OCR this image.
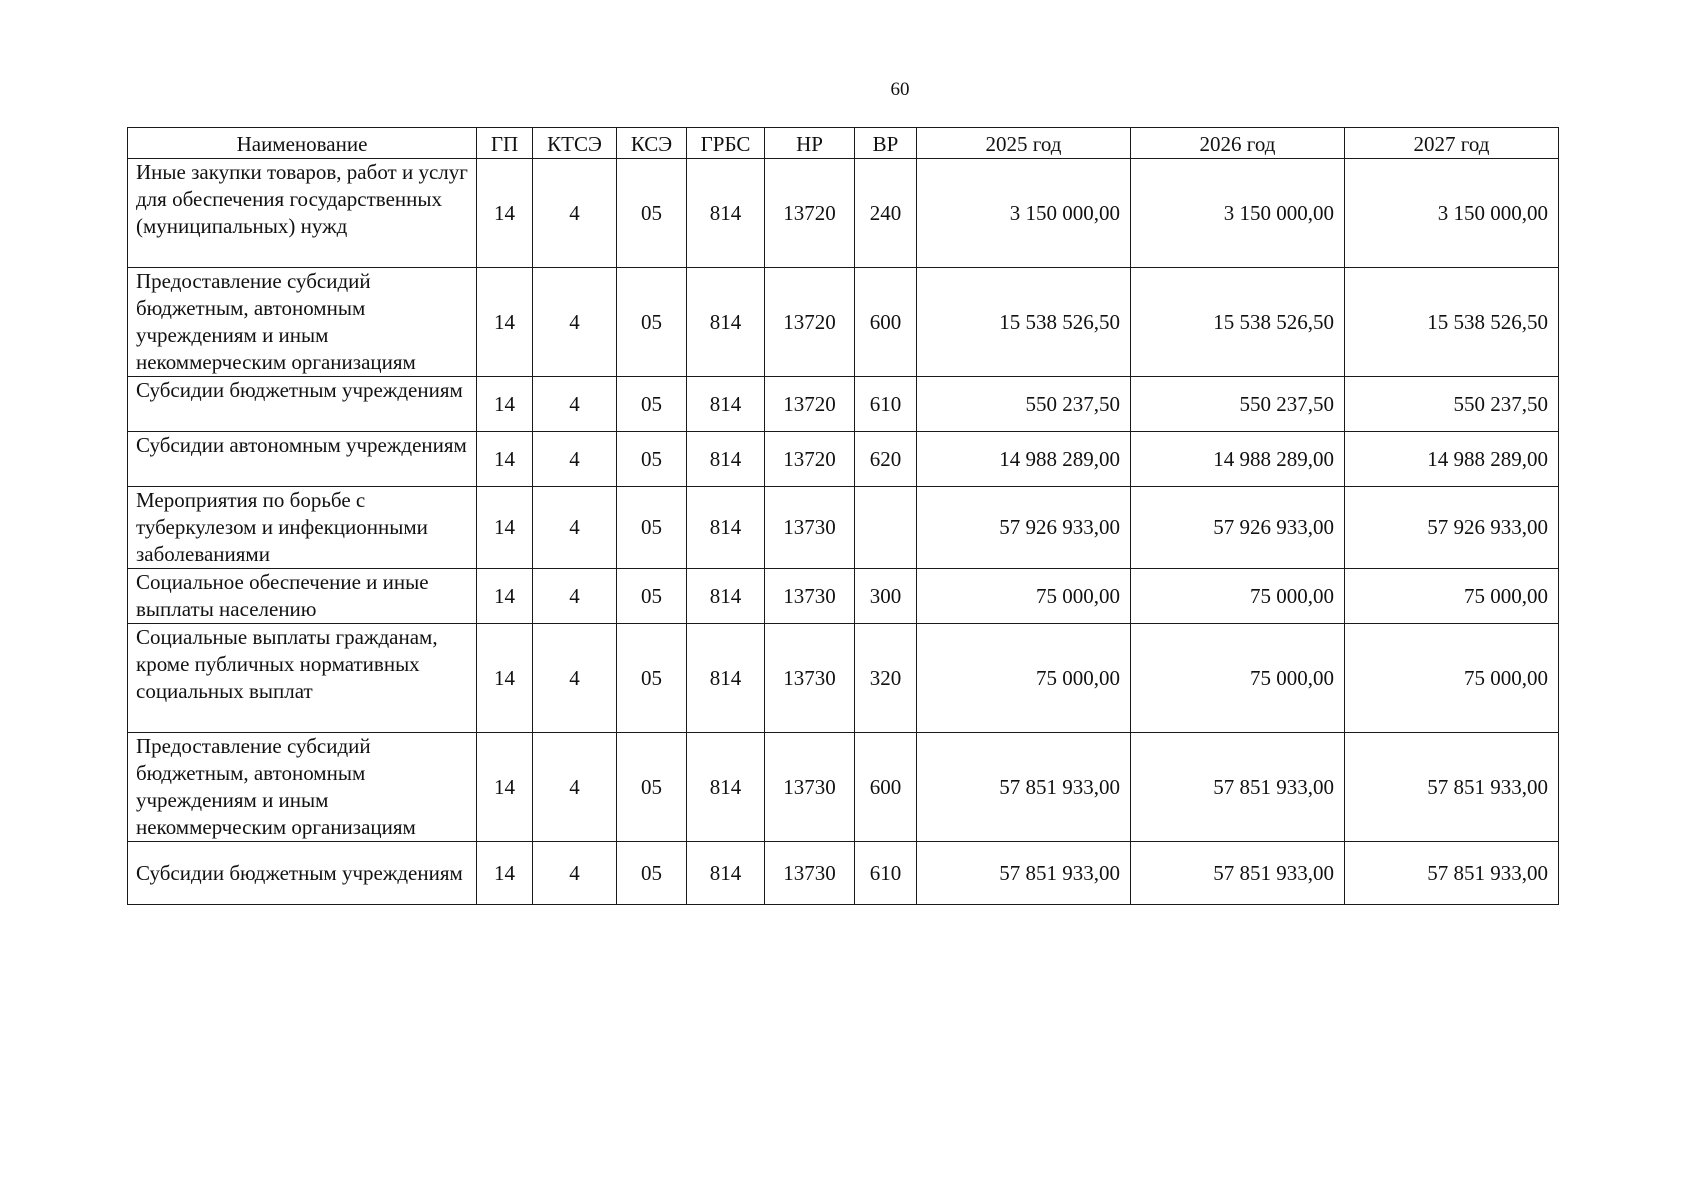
60
Наименование	ГП	КТСЭ	КСЭ	ГРБС	НР	ВР	2025 год	2026 год	2027 год
Иные закупки товаров, работ и услуг для обеспечения государственных (муниципальных) нужд	14	4	05	814	13720	240	3 150 000,00	3 150 000,00	3 150 000,00
Предоставление субсидий бюджетным, автономным учреждениям и иным некоммерческим организациям	14	4	05	814	13720	600	15 538 526,50	15 538 526,50	15 538 526,50
Субсидии бюджетным учреждениям	14	4	05	814	13720	610	550 237,50	550 237,50	550 237,50
Субсидии автономным учреждениям	14	4	05	814	13720	620	14 988 289,00	14 988 289,00	14 988 289,00
Мероприятия по борьбе с туберкулезом и инфекционными заболеваниями	14	4	05	814	13730		57 926 933,00	57 926 933,00	57 926 933,00
Социальное обеспечение и иные выплаты населению	14	4	05	814	13730	300	75 000,00	75 000,00	75 000,00
Социальные выплаты гражданам, кроме публичных нормативных социальных выплат	14	4	05	814	13730	320	75 000,00	75 000,00	75 000,00
Предоставление субсидий бюджетным, автономным учреждениям и иным некоммерческим организациям	14	4	05	814	13730	600	57 851 933,00	57 851 933,00	57 851 933,00
Субсидии бюджетным учреждениям	14	4	05	814	13730	610	57 851 933,00	57 851 933,00	57 851 933,00
